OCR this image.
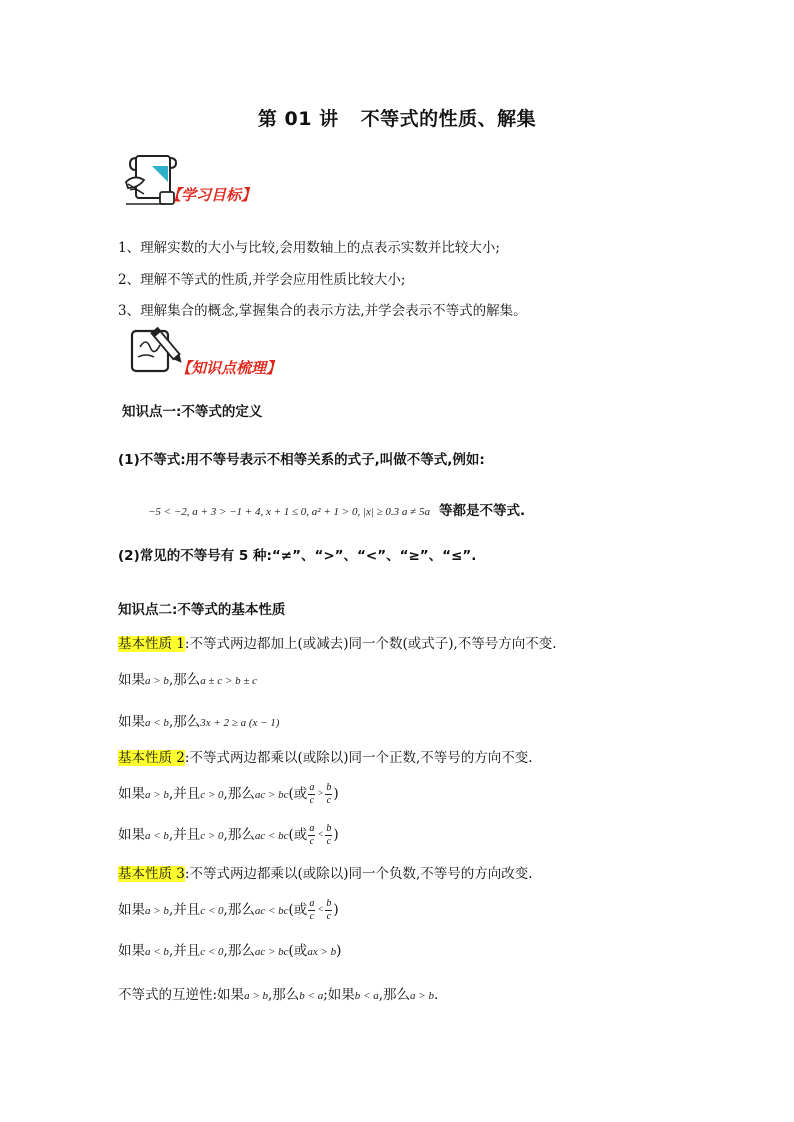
第 01 讲 不等式的性质、解集
【学习目标】
1、理解实数的大小与比较,会用数轴上的点表示实数并比较大小;
2、理解不等式的性质,并学会应用性质比较大小;
3、理解集合的概念,掌握集合的表示方法,并学会表示不等式的解集。
【知识点梳理】
知识点一:不等式的定义
(1)不等式:用不等号表示不相等关系的式子,叫做不等式,例如:
−5 < −2, a + 3 > −1 + 4, x + 1 ≤ 0, a² + 1 > 0, |x| ≥ 0.3 a ≠ 5a 等都是不等式.
(2)常见的不等号有 5 种:“≠”、“>”、“<”、“≥”、“≤”.
知识点二:不等式的基本性质
基本性质 1:不等式两边都加上(或减去)同一个数(或式子),不等号方向不变.
如果a > b,那么a ± c > b ± c
如果a < b,那么3x + 2 ≥ a (x − 1)
基本性质 2:不等式两边都乘以(或除以)同一个正数,不等号的方向不变.
如果a > b,并且c > 0,那么ac > bc(或 $\frac{a}{c} > \frac{b}{c}$ )
如果a < b,并且c > 0,那么ac < bc(或 $\frac{a}{c} < \frac{b}{c}$ )
基本性质 3:不等式两边都乘以(或除以)同一个负数,不等号的方向改变.
如果a > b,并且c < 0,那么ac < bc(或 $\frac{a}{c} < \frac{b}{c}$ )
如果a < b,并且c < 0,那么ac > bc(或ax > b)
不等式的互逆性:如果a > b,那么b < a;如果b < a,那么a > b.
